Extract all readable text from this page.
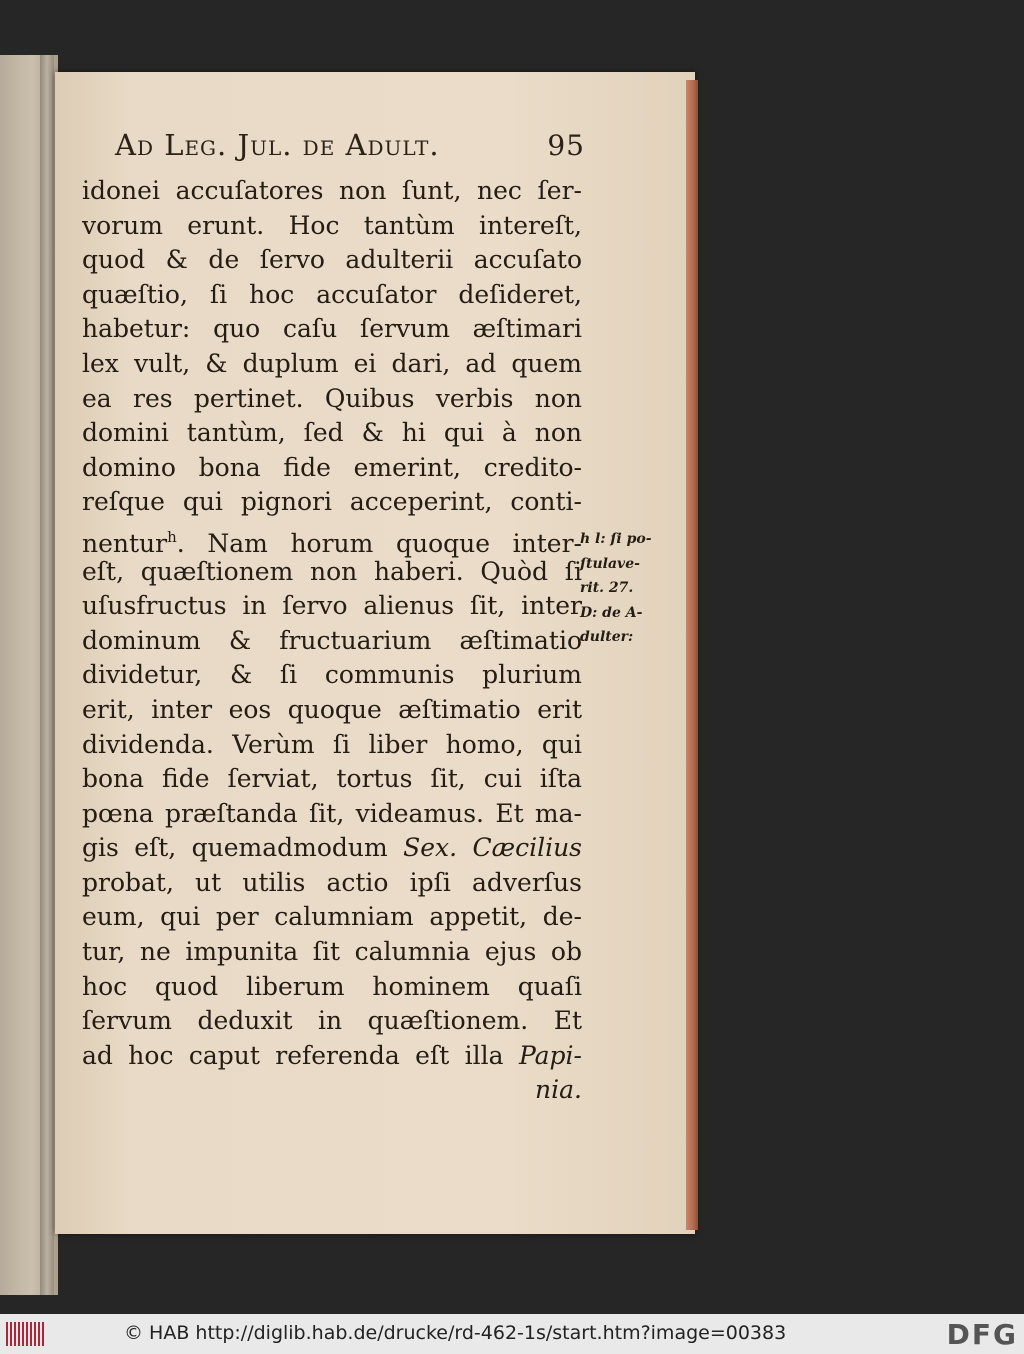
Ad Leg. Jul. de Adult.	95
idonei accuſatores non ſunt, nec ſer-
vorum erunt. Hoc tantùm intereſt,
quod & de ſervo adulterii accuſato
quæſtio, ſi hoc accuſator deſideret,
habetur: quo caſu ſervum æſtimari
lex vult, & duplum ei dari, ad quem
ea res pertinet. Quibus verbis non
domini tantùm, ſed & hi qui à non
domino bona fide emerint, credito-
reſque qui pignori acceperint, conti-
nentur$^h$. Nam horum quoque inter-
eſt, quæſtionem non haberi. Quòd ſi
uſusfructus in ſervo alienus ſit, inter
dominum & fructuarium æſtimatio
dividetur, & ſi communis plurium
erit, inter eos quoque æſtimatio erit
dividenda. Verùm ſi liber homo, qui
bona fide ſerviat, tortus ſit, cui iſta
pœna præſtanda ſit, videamus. Et ma-
gis eſt, quemadmodum Sex. Cæcilius
probat, ut utilis actio ipſi adverſus
eum, qui per calumniam appetit, de-
tur, ne impunita ſit calumnia ejus ob
hoc quod liberum hominem quaſi
ſervum deduxit in quæſtionem. Et
ad hoc caput referenda eſt illa Papi-
nia.
h l: ſi po-
ſtulave-
rit. 27.
D: de A-
dulter:
© HAB http://diglib.hab.de/drucke/rd-462-1s/start.htm?image=00383	DFG
